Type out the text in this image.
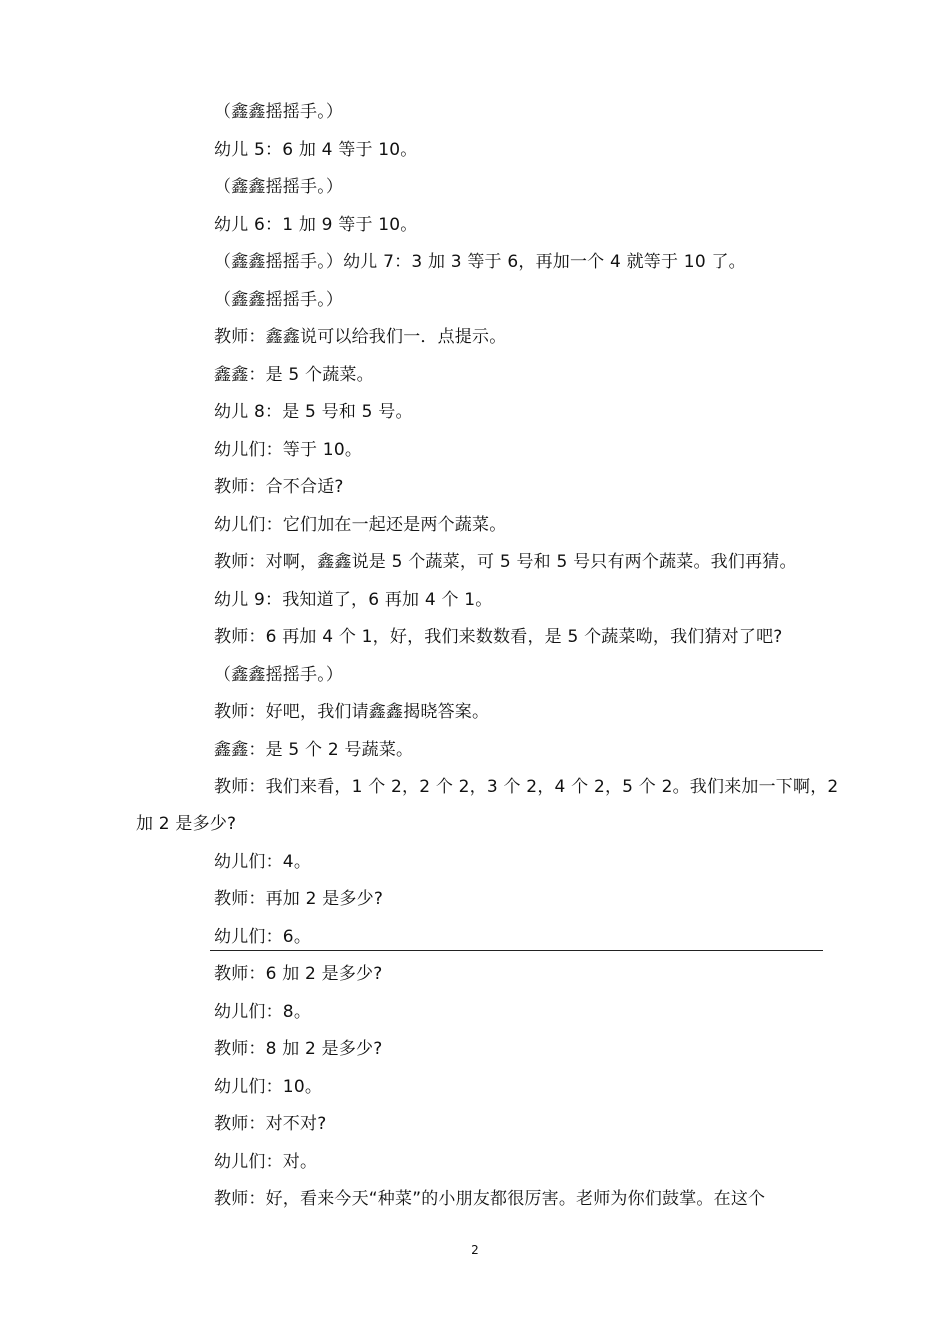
（鑫鑫摇摇手。）
幼儿 5：6 加 4 等于 10。
（鑫鑫摇摇手。）
幼儿 6：1 加 9 等于 10。
（鑫鑫摇摇手。）幼儿 7：3 加 3 等于 6，再加一个 4 就等于 10 了。
（鑫鑫摇摇手。）
教师：鑫鑫说可以给我们一．点提示。
鑫鑫：是 5 个蔬菜。
幼儿 8：是 5 号和 5 号。
幼儿们：等于 10。
教师：合不合适?
幼儿们：它们加在一起还是两个蔬菜。
教师：对啊，鑫鑫说是 5 个蔬菜，可 5 号和 5 号只有两个蔬菜。我们再猜。
幼儿 9：我知道了，6 再加 4 个 1。
教师：6 再加 4 个 1，好，我们来数数看，是 5 个蔬菜呦，我们猜对了吧?
（鑫鑫摇摇手。）
教师：好吧，我们请鑫鑫揭晓答案。
鑫鑫：是 5 个 2 号蔬菜。
教师：我们来看，1 个 2，2 个 2，3 个 2，4 个 2，5 个 2。我们来加一下啊，2
加 2 是多少?
幼儿们：4。
教师：再加 2 是多少?
幼儿们：6。
教师：6 加 2 是多少?
幼儿们：8。
教师：8 加 2 是多少?
幼儿们：10。
教师：对不对?
幼儿们：对。
教师：好，看来今天“种菜”的小朋友都很厉害。老师为你们鼓掌。在这个
2
